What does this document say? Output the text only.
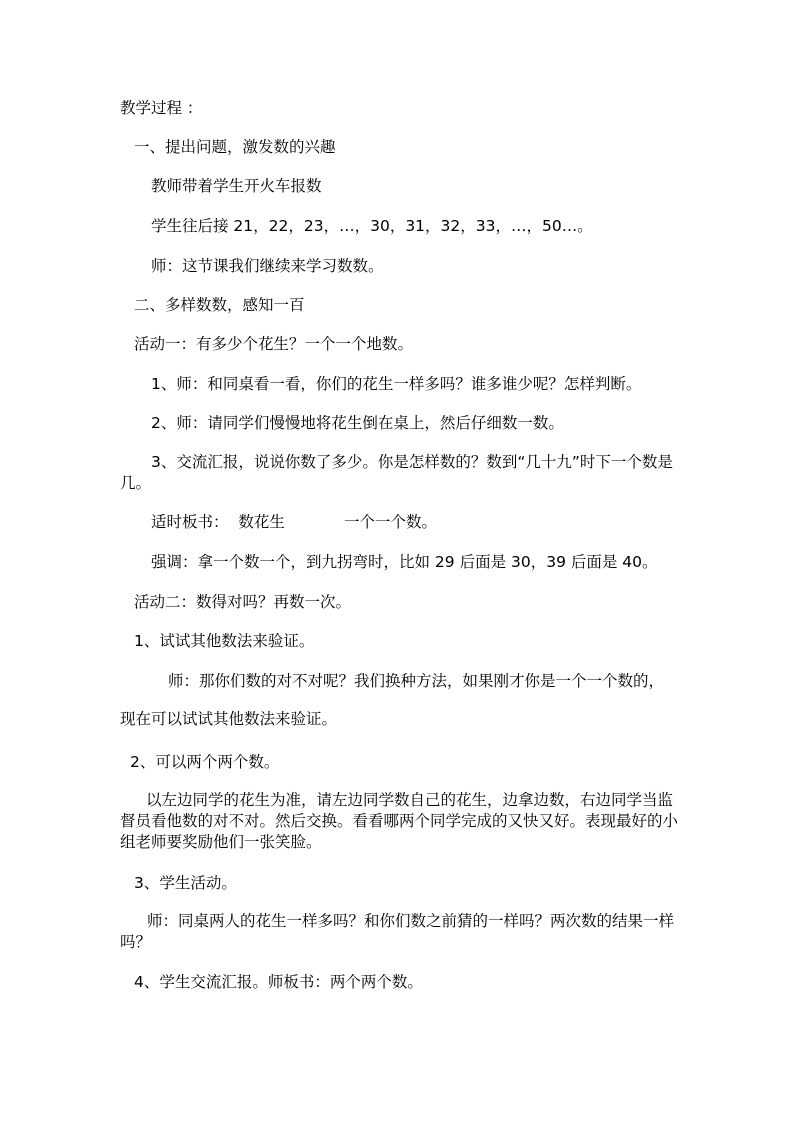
教学过程 ：
一、提出问题，激发数的兴趣
教师带着学生开火车报数
学生往后接 21，22，23，…，30，31，32，33，…，50…。
师：这节课我们继续来学习数数。
二、多样数数，感知一百
活动一：有多少个花生？一个一个地数。
1、师：和同桌看一看，你们的花生一样多吗？谁多谁少呢？怎样判断。
2、师：请同学们慢慢地将花生倒在桌上，然后仔细数一数。
3、交流汇报，说说你数了多少。你是怎样数的？数到“几十九”时下一个数是几。
适时板书：  数花生            一个一个数。
强调：拿一个数一个，到九拐弯时，比如 29 后面是 30，39 后面是 40。
活动二：数得对吗？再数一次。
1、试试其他数法来验证。
师：那你们数的对不对呢？我们换种方法，如果刚才你是一个一个数的，
现在可以试试其他数法来验证。
2、可以两个两个数。
以左边同学的花生为准，请左边同学数自己的花生，边拿边数，右边同学当监督员看他数的对不对。然后交换。看看哪两个同学完成的又快又好。表现最好的小组老师要奖励他们一张笑脸。
3、学生活动。
师：同桌两人的花生一样多吗？和你们数之前猜的一样吗？两次数的结果一样吗？
4、学生交流汇报。师板书：两个两个数。
